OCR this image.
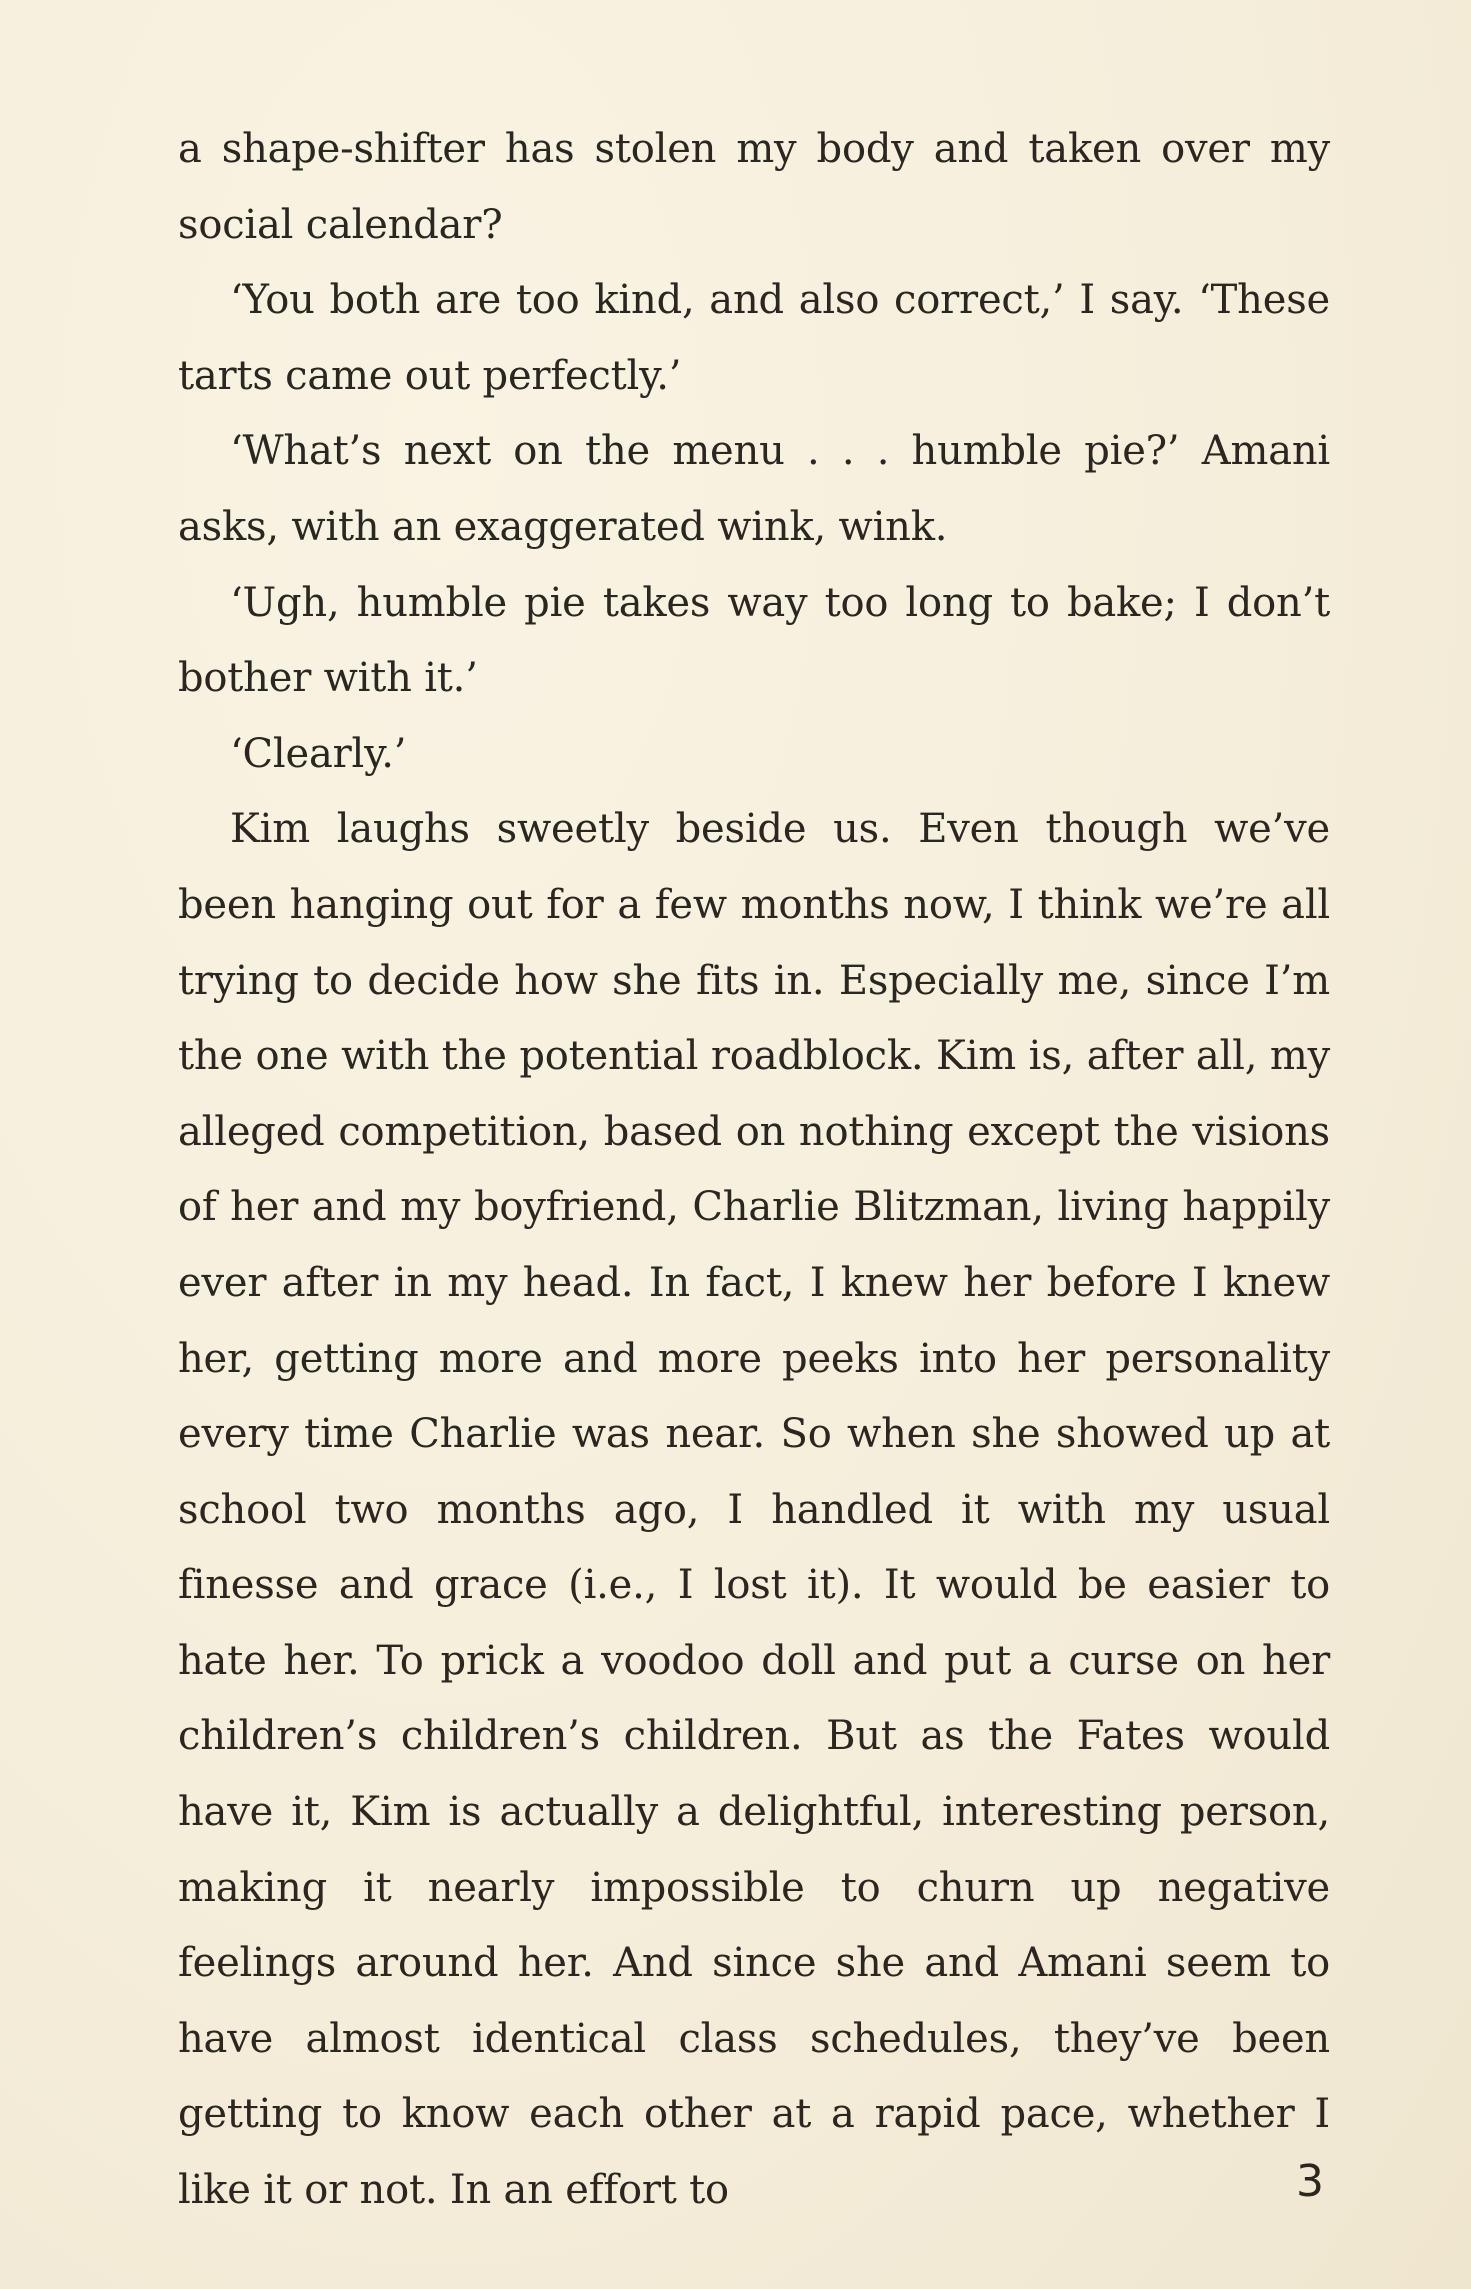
a shape-shifter has stolen my body and taken over my social calendar?

‘You both are too kind, and also correct,’ I say. ‘These tarts came out perfectly.’

‘What’s next on the menu . . . humble pie?’ Amani asks, with an exaggerated wink, wink.

‘Ugh, humble pie takes way too long to bake; I don’t bother with it.’

‘Clearly.’

Kim laughs sweetly beside us. Even though we’ve been hanging out for a few months now, I think we’re all trying to decide how she fits in. Especially me, since I’m the one with the potential roadblock. Kim is, after all, my alleged competition, based on nothing except the visions of her and my boyfriend, Charlie Blitzman, living happily ever after in my head. In fact, I knew her before I knew her, getting more and more peeks into her personality every time Charlie was near. So when she showed up at school two months ago, I handled it with my usual finesse and grace (i.e., I lost it). It would be easier to hate her. To prick a voodoo doll and put a curse on her children’s children’s children. But as the Fates would have it, Kim is actually a delightful, interesting person, making it nearly impossible to churn up negative feelings around her. And since she and Amani seem to have almost identical class schedules, they’ve been getting to know each other at a rapid pace, whether I like it or not. In an effort to	3
